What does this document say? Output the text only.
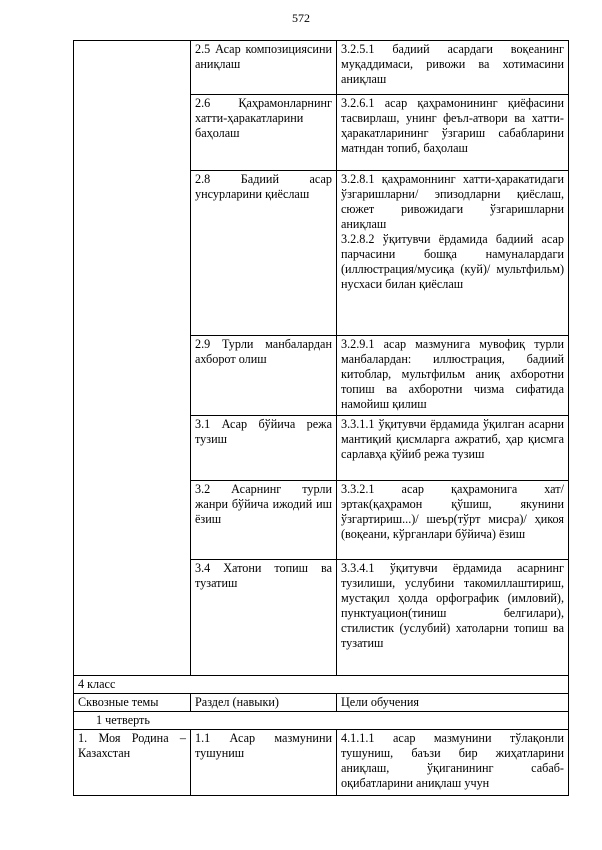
572
	2.5 Асар композициясини аниқлаш	3.2.5.1 бадиий асардаги воқеанинг муқаддимаси, ривожи ва хотимасини аниқлаш
	2.6 Қаҳрамонларнинг хатти-ҳаракатларини баҳолаш	3.2.6.1 асар қаҳрамонининг қиёфасини тасвирлаш, унинг феъл-атвори ва хатти-ҳаракатларининг ўзгариш сабабларини матндан топиб, баҳолаш
	2.8 Бадиий асар унсурларини қиёслаш	3.2.8.1 қаҳрамоннинг хатти-ҳаракатидаги ўзгаришларни/ эпизодларни қиёслаш, сюжет ривожидаги ўзгаришларни аниқлаш
3.2.8.2 ўқитувчи ёрдамида бадиий асар парчасини бошқа намуналардаги (иллюстрация/мусиқа (куй)/ мультфильм) нусхаси билан қиёслаш

	2.9 Турли манбалардан ахборот олиш	3.2.9.1 асар мазмунига мувофиқ турли манбалардан: иллюстрация, бадиий китоблар, мультфильм аниқ ахборотни топиш ва ахборотни чизма сифатида намойиш қилиш
	3.1 Асар бўйича режа тузиш	3.3.1.1 ўқитувчи ёрдамида ўқилган асарни мантиқий қисмларга ажратиб, ҳар қисмга сарлавҳа қўйиб режа тузиш
	3.2 Асарнинг турли жанри бўйича ижодий иш ёзиш	3.3.2.1 асар қаҳрамонига хат/ эртак(қаҳрамон қўшиш, якунини ўзгартириш...)/ шеър(тўрт мисра)/ ҳикоя (воқеани, кўрганлари бўйича) ёзиш
	3.4 Хатони топиш ва тузатиш	3.3.4.1 ўқитувчи ёрдамида асарнинг тузилиши, услубини такомиллаштириш, мустақил ҳолда орфографик (имловий), пунктуацион(тиниш белгилари), стилистик (услубий) хатоларни топиш ва тузатиш
4 класс		
Сквозные темы	Раздел (навыки)	Цели обучения
1 четверть		
1. Моя Родина – Казахстан	1.1 Асар мазмунини тушуниш	4.1.1.1 асар мазмунини тўлақонли тушуниш, баъзи бир жиҳатларини аниқлаш, ўқиганининг сабаб-оқибатларини аниқлаш учун
